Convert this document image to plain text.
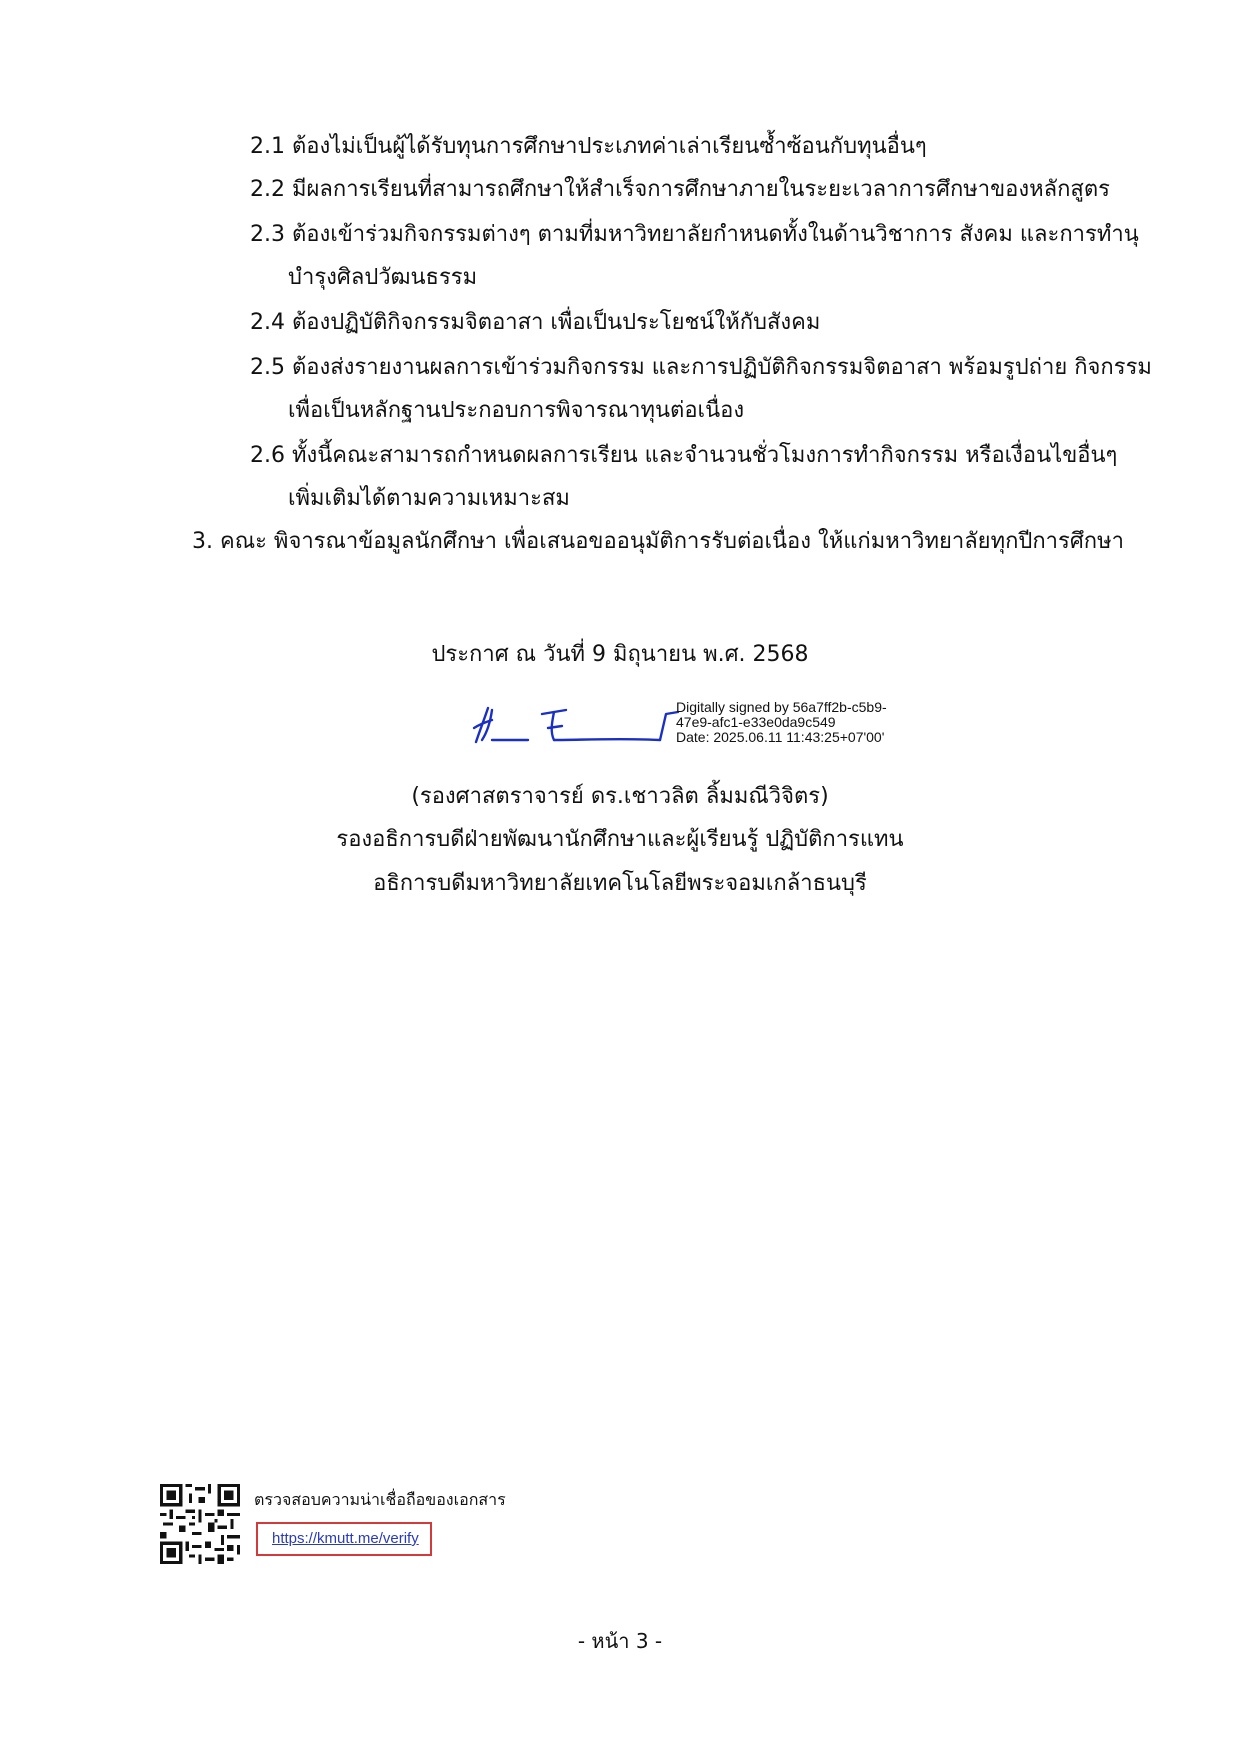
2.1 ต้องไม่เป็นผู้ได้รับทุนการศึกษาประเภทค่าเล่าเรียนซ้ำซ้อนกับทุนอื่นๆ
2.2 มีผลการเรียนที่สามารถศึกษาให้สำเร็จการศึกษาภายในระยะเวลาการศึกษาของหลักสูตร
2.3 ต้องเข้าร่วมกิจกรรมต่างๆ ตามที่มหาวิทยาลัยกำหนดทั้งในด้านวิชาการ สังคม และการทำนุ
บำรุงศิลปวัฒนธรรม
2.4 ต้องปฏิบัติกิจกรรมจิตอาสา เพื่อเป็นประโยชน์ให้กับสังคม
2.5 ต้องส่งรายงานผลการเข้าร่วมกิจกรรม และการปฏิบัติกิจกรรมจิตอาสา พร้อมรูปถ่าย กิจกรรม
เพื่อเป็นหลักฐานประกอบการพิจารณาทุนต่อเนื่อง
2.6 ทั้งนี้คณะสามารถกำหนดผลการเรียน และจำนวนชั่วโมงการทำกิจกรรม หรือเงื่อนไขอื่นๆ
เพิ่มเติมได้ตามความเหมาะสม
3. คณะ พิจารณาข้อมูลนักศึกษา เพื่อเสนอขออนุมัติการรับต่อเนื่อง ให้แก่มหาวิทยาลัยทุกปีการศึกษา
ประกาศ ณ วันที่ 9 มิถุนายน พ.ศ. 2568
Digitally signed by 56a7ff2b-c5b9-
47e9-afc1-e33e0da9c549
Date: 2025.06.11 11:43:25+07'00'
(รองศาสตราจารย์ ดร.เชาวลิต ลิ้มมณีวิจิตร)
รองอธิการบดีฝ่ายพัฒนานักศึกษาและผู้เรียนรู้ ปฏิบัติการแทน
อธิการบดีมหาวิทยาลัยเทคโนโลยีพระจอมเกล้าธนบุรี
ตรวจสอบความน่าเชื่อถือของเอกสาร
https://kmutt.me/verify
- หน้า 3 -
